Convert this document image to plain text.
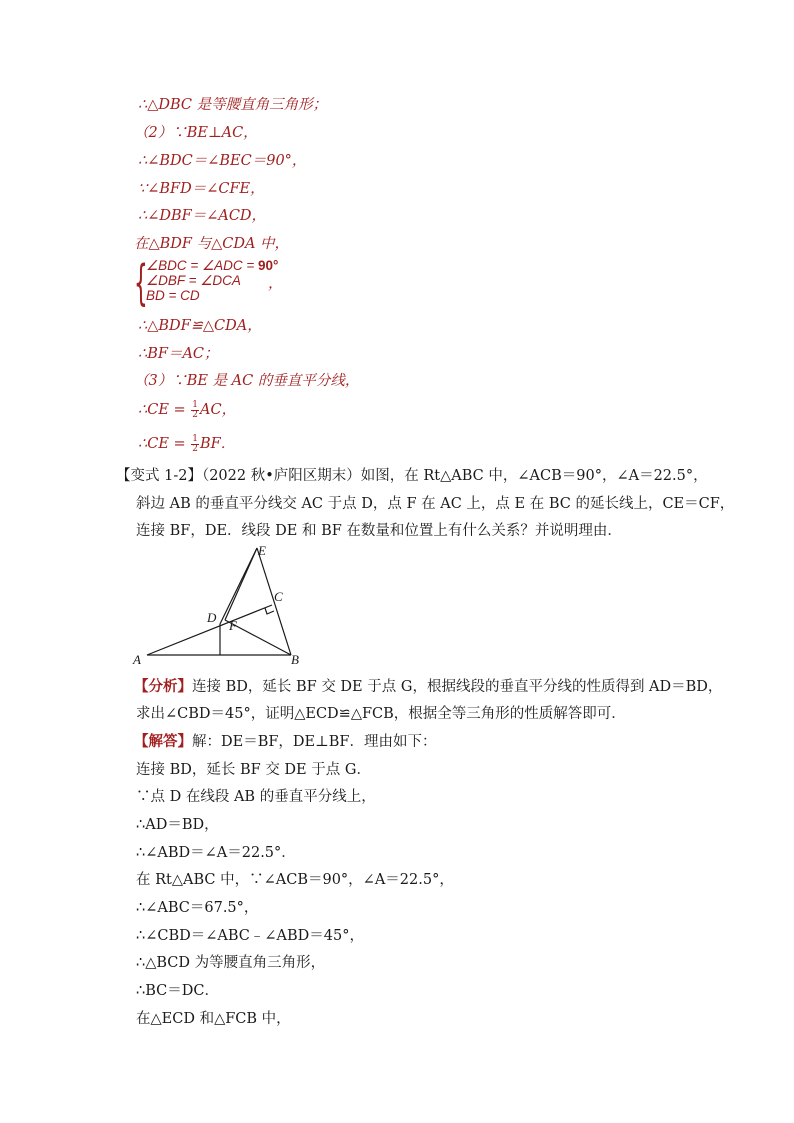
∴△DBC 是等腰直角三角形；
（2）∵BE⊥AC，
∴∠BDC＝∠BEC＝90°，
∵∠BFD＝∠CFE，
∴∠DBF＝∠ACD，
在△BDF 与△CDA 中，
{
∠BDC = ∠ADC = 90°
∠DBF = ∠DCA
BD = CD
，
∴△BDF≌△CDA，
∴BF＝AC；
（3）∵BE 是 AC 的垂直平分线，
∴CE = $\frac{1}{2}$ AC，
∴CE = $\frac{1}{2}$ BF．
【变式 1-2】（2022 秋•庐阳区期末）如图，在 Rt△ABC 中，∠ACB＝90°，∠A＝22.5°，
斜边 AB 的垂直平分线交 AC 于点 D，点 F 在 AC 上，点 E 在 BC 的延长线上，CE＝CF，
连接 BF，DE．线段 DE 和 BF 在数量和位置上有什么关系？并说明理由．
A	B
C
D
E
F
【分析】连接 BD，延长 BF 交 DE 于点 G，根据线段的垂直平分线的性质得到 AD＝BD，
求出∠CBD＝45°，证明△ECD≌△FCB，根据全等三角形的性质解答即可．
【解答】解：DE＝BF，DE⊥BF．理由如下：
连接 BD，延长 BF 交 DE 于点 G．
∵点 D 在线段 AB 的垂直平分线上，
∴AD＝BD，
∴∠ABD＝∠A＝22.5°．
在 Rt△ABC 中，∵∠ACB＝90°，∠A＝22.5°，
∴∠ABC＝67.5°，
∴∠CBD＝∠ABC﹣∠ABD＝45°，
∴△BCD 为等腰直角三角形，
∴BC＝DC．
在△ECD 和△FCB 中，
